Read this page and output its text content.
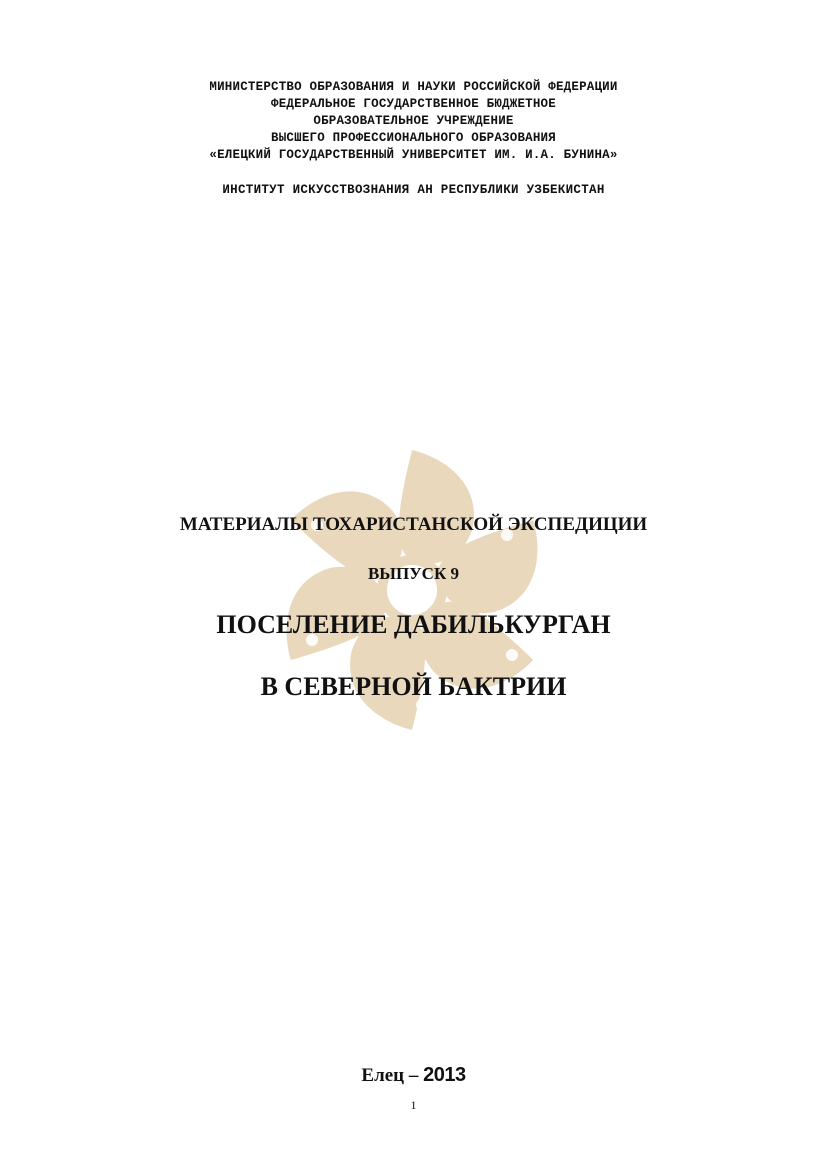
МИНИСТЕРСТВО ОБРАЗОВАНИЯ И НАУКИ РОССИЙСКОЙ ФЕДЕРАЦИИ
ФЕДЕРАЛЬНОЕ ГОСУДАРСТВЕННОЕ БЮДЖЕТНОЕ
ОБРАЗОВАТЕЛЬНОЕ УЧРЕЖДЕНИЕ
ВЫСШЕГО ПРОФЕССИОНАЛЬНОГО ОБРАЗОВАНИЯ
«ЕЛЕЦКИЙ ГОСУДАРСТВЕННЫЙ УНИВЕРСИТЕТ ИМ. И.А. БУНИНА»
ИНСТИТУТ ИСКУССТВОЗНАНИЯ АН РЕСПУБЛИКИ УЗБЕКИСТАН
МАТЕРИАЛЫ ТОХАРИСТАНСКОЙ ЭКСПЕДИЦИИ
ВЫПУСК 9
ПОСЕЛЕНИЕ ДАБИЛЬКУРГАН
В СЕВЕРНОЙ БАКТРИИ
Елец – 2013
1
